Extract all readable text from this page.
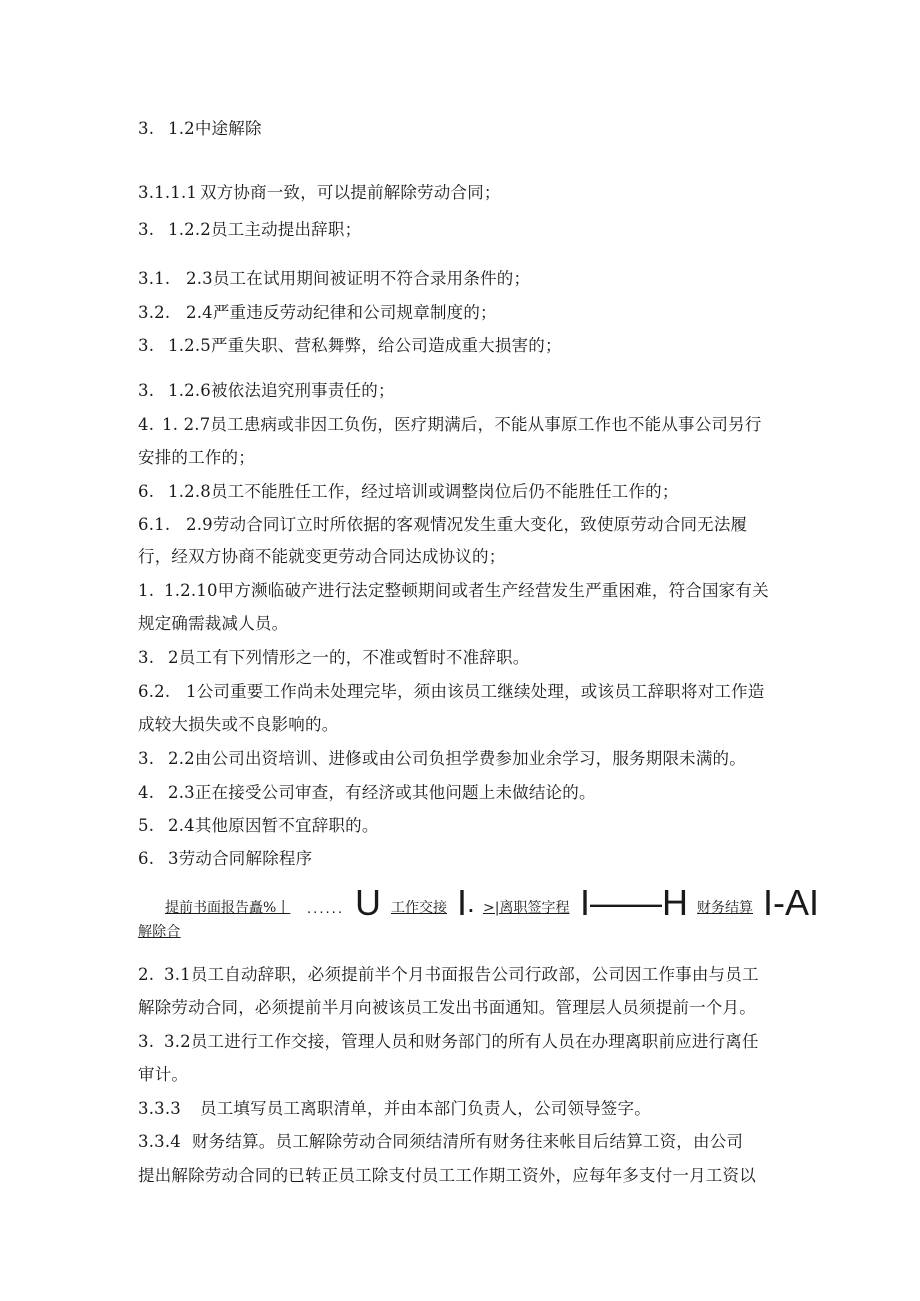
3. 1.2中途解除
3.1.1.1 双方协商一致，可以提前解除劳动合同；
3. 1.2.2员工主动提出辞职；
3.1. 2.3员工在试用期间被证明不符合录用条件的；
3.2. 2.4严重违反劳动纪律和公司规章制度的；
3. 1.2.5严重失职、营私舞弊，给公司造成重大损害的；
3. 1.2.6被依法追究刑事责任的；
4. 1. 2.7员工患病或非因工负伤，医疗期满后，不能从事原工作也不能从事公司另行
安排的工作的；
6. 1.2.8员工不能胜任工作，经过培训或调整岗位后仍不能胜任工作的；
6.1. 2.9劳动合同订立时所依据的客观情况发生重大变化，致使原劳动合同无法履
行，经双方协商不能就变更劳动合同达成协议的；
1. 1.2.10甲方濒临破产进行法定整顿期间或者生产经营发生严重困难，符合国家有关
规定确需裁减人员。
3. 2员工有下列情形之一的，不准或暂时不准辞职。
6.2. 1公司重要工作尚未处理完毕，须由该员工继续处理，或该员工辞职将对工作造
成较大损失或不良影响的。
3. 2.2由公司出资培训、进修或由公司负担学费参加业余学习，服务期限未满的。
4. 2.3正在接受公司审查，有经济或其他问题上未做结论的。
5. 2.4其他原因暂不宜辞职的。
6. 3劳动合同解除程序
提前书面报告矗%丨 ...... U 工作交接 I . >|离职签字程 I——H 财务结算 I-AI
解除合
2. 3.1员工自动辞职，必须提前半个月书面报告公司行政部，公司因工作事由与员工
解除劳动合同，必须提前半月向被该员工发出书面通知。管理层人员须提前一个月。
3. 3.2员工进行工作交接，管理人员和财务部门的所有人员在办理离职前应进行离任
审计。
3.3.3 员工填写员工离职清单，并由本部门负责人，公司领导签字。
3.3.4 财务结算。员工解除劳动合同须结清所有财务往来帐目后结算工资，由公司
提出解除劳动合同的已转正员工除支付员工工作期工资外，应每年多支付一月工资以
